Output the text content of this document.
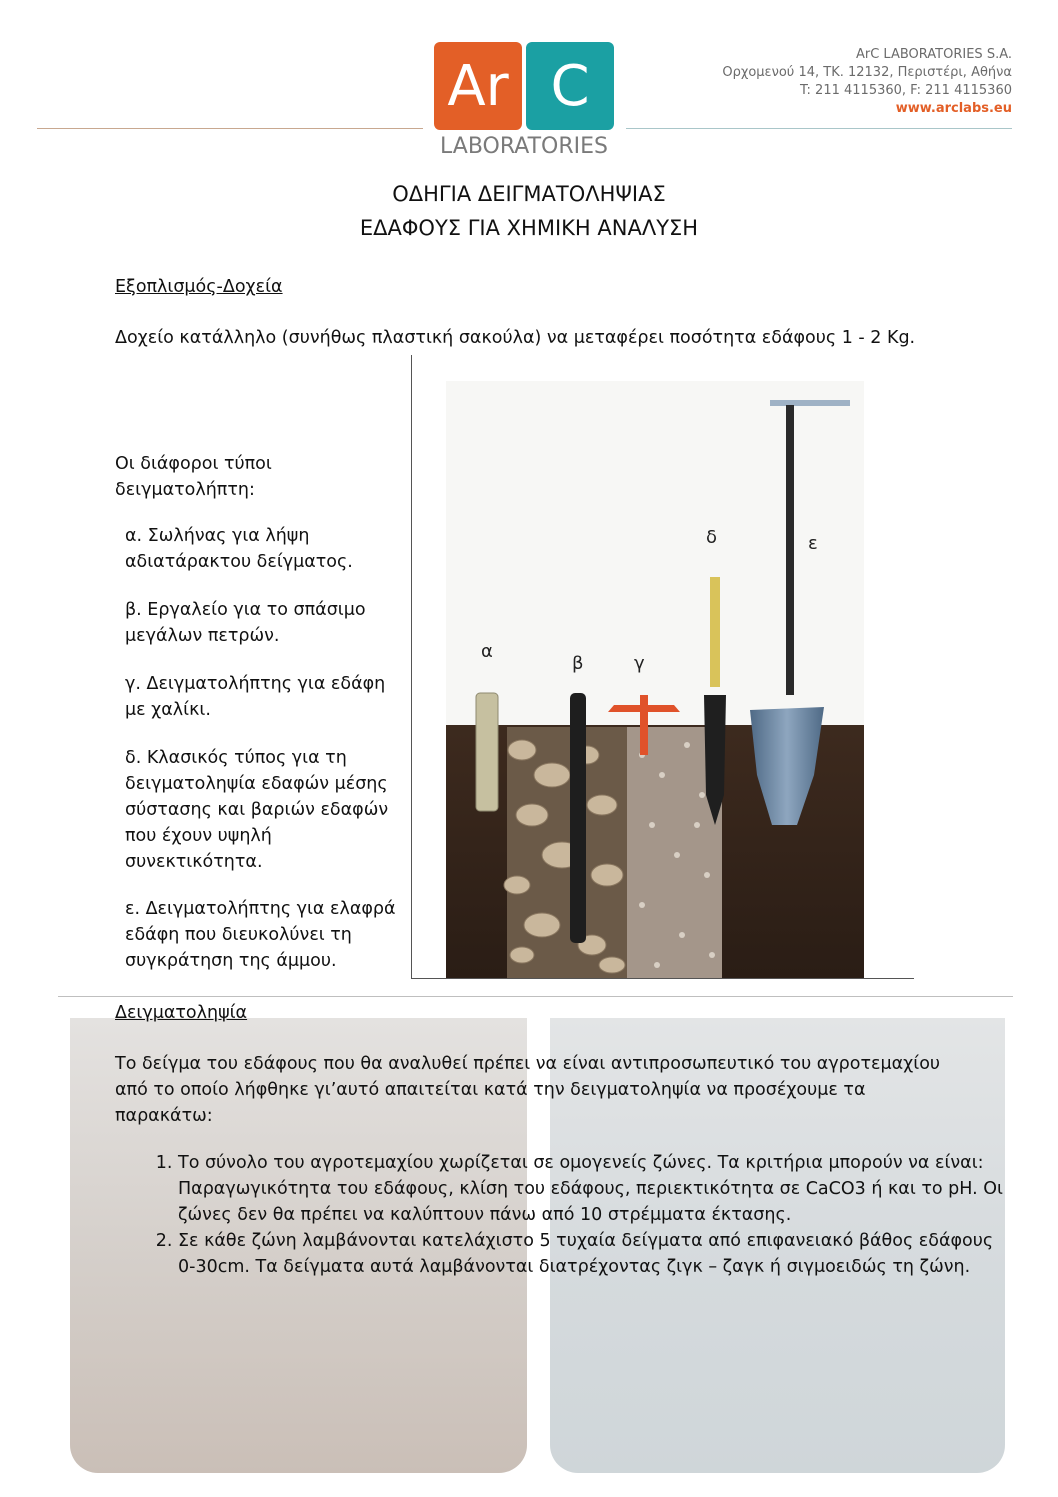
Ar C
LABORATORIES
ArC LABORATORIES S.A.
Ορχομενού 14, ΤΚ. 12132, Περιστέρι, Αθήνα
T: 211 4115360, F: 211 4115360
www.arclabs.eu
ΟΔΗΓΙΑ ΔΕΙΓΜΑΤΟΛΗΨΙΑΣ
ΕΔΑΦΟΥΣ ΓΙΑ ΧΗΜΙΚΗ ΑΝΑΛΥΣΗ
Εξοπλισμός-Δοχεία
Δοχείο κατάλληλο (συνήθως πλαστική σακούλα) να μεταφέρει ποσότητα εδάφους 1 - 2 Kg.
Οι διάφοροι τύποι
δειγματολήπτη:
α. Σωλήνας για λήψη
αδιατάρακτου δείγματος.
β. Εργαλείο για το σπάσιμο
μεγάλων πετρών.
γ. Δειγματολήπτης για εδάφη
με χαλίκι.
δ. Κλασικός τύπος για τη
δειγματοληψία εδαφών μέσης
σύστασης και βαριών εδαφών
που έχουν υψηλή
συνεκτικότητα.
ε. Δειγματολήπτης για ελαφρά
εδάφη που διευκολύνει τη
συγκράτηση της άμμου.
α
β	γ
δ	ε
Δειγματοληψία
Το δείγμα του εδάφους που θα αναλυθεί πρέπει να είναι αντιπροσωπευτικό του αγροτεμαχίου
από το οποίο λήφθηκε γι’αυτό απαιτείται κατά την δειγματοληψία να προσέχουμε τα
παρακάτω:
1. Το σύνολο του αγροτεμαχίου χωρίζεται σε ομογενείς ζώνες. Τα κριτήρια μπορούν να είναι: Παραγωγικότητα του εδάφους, κλίση του εδάφους, περιεκτικότητα σε CaCO3 ή και το pH. Οι ζώνες δεν θα πρέπει να καλύπτουν πάνω από 10 στρέμματα έκτασης.
2. Σε κάθε ζώνη λαμβάνονται κατελάχιστο 5 τυχαία δείγματα από επιφανειακό βάθος εδάφους 0-30cm. Τα δείγματα αυτά λαμβάνονται διατρέχοντας ζιγκ – ζαγκ ή σιγμοειδώς τη ζώνη.
